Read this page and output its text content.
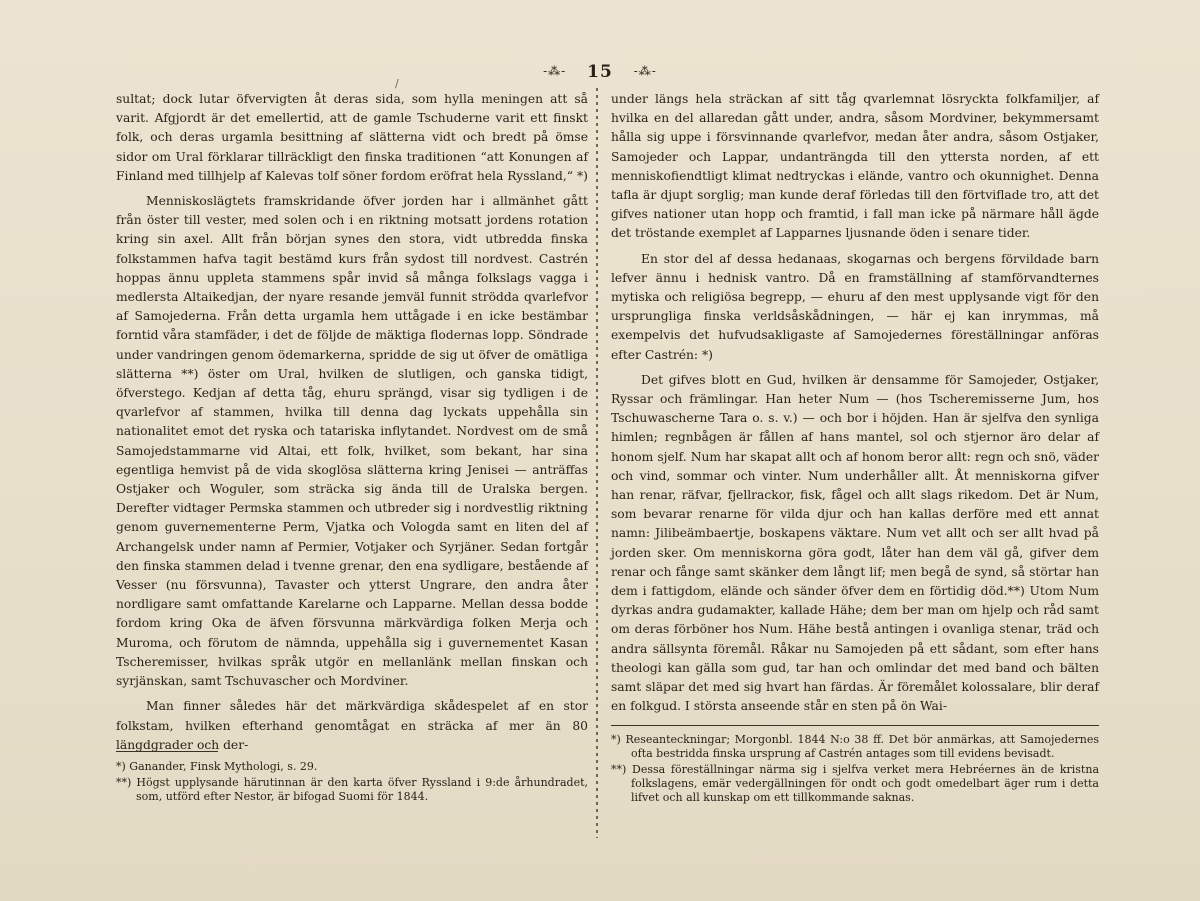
-⁂- 15 -⁂-
/

sultat; dock lutar öfvervigten åt deras sida, som hylla meningen att så varit. Afgjordt är det emellertid, att de gamle Tschuderne varit ett finskt folk, och deras urgamla besittning af slätterna vidt och bredt på ömse sidor om Ural förklarar tillräckligt den finska traditionen “att Konungen af Finland med tillhjelp af Kalevas tolf söner fordom eröfrat hela Ryssland,“ *)

Menniskoslägtets framskridande öfver jorden har i allmänhet gått från öster till vester, med solen och i en riktning motsatt jordens rotation kring sin axel. Allt från början synes den stora, vidt utbredda finska folkstammen hafva tagit bestämd kurs från sydost till nordvest. Castrén hoppas ännu uppleta stammens spår invid så många folkslags vagga i medlersta Altaikedjan, der nyare resande jemväl funnit strödda qvarlefvor af Samojederna. Från detta urgamla hem uttågade i en icke bestämbar forntid våra stamfäder, i det de följde de mäktiga flodernas lopp. Söndrade under vandringen genom ödemarkerna, spridde de sig ut öfver de omätliga slätterna **) öster om Ural, hvilken de slutligen, och ganska tidigt, öfverstego. Kedjan af detta tåg, ehuru sprängd, visar sig tydligen i de qvarlefvor af stammen, hvilka till denna dag lyckats uppehålla sin nationalitet emot det ryska och tatariska inflytandet. Nordvest om de små Samojedstammarne vid Altai, ett folk, hvilket, som bekant, har sina egentliga hemvist på de vida skoglösa slätterna kring Jenisei — anträffas Ostjaker och Woguler, som sträcka sig ända till de Uralska bergen. Derefter vidtager Permska stammen och utbreder sig i nordvestlig riktning genom guvernementerne Perm, Vjatka och Vologda samt en liten del af Archangelsk under namn af Permier, Votjaker och Syrjäner. Sedan fortgår den finska stammen delad i tvenne grenar, den ena sydligare, bestående af Vesser (nu försvunna), Tavaster och ytterst Ungrare, den andra åter nordligare samt omfattande Karelarne och Lapparne. Mellan dessa bodde fordom kring Oka de äfven försvunna märkvärdiga folken Merja och Muroma, och förutom de nämnda, uppehålla sig i guvernementet Kasan Tscheremisser, hvilkas språk utgör en mellanlänk mellan finskan och syrjänskan, samt Tschuvascher och Mordviner.

Man finner således här det märkvärdiga skådespelet af en stor folkstam, hvilken efterhand genomtågat en sträcka af mer än 80 längdgrader och der-

under längs hela sträckan af sitt tåg qvarlemnat lösryckta folkfamiljer, af hvilka en del allaredan gått under, andra, såsom Mordviner, bekymmersamt hålla sig uppe i försvinnande qvarlefvor, medan åter andra, såsom Ostjaker, Samojeder och Lappar, undanträngda till den yttersta norden, af ett menniskofiendtligt klimat nedtryckas i elände, vantro och okunnighet. Denna tafla är djupt sorglig; man kunde deraf förledas till den förtviflade tro, att det gifves nationer utan hopp och framtid, i fall man icke på närmare håll ägde det tröstande exemplet af Lapparnes ljusnande öden i senare tider.

En stor del af dessa hedanaas, skogarnas och bergens förvildade barn lefver ännu i hednisk vantro. Då en framställning af stamförvandternes mytiska och religiösa begrepp, — ehuru af den mest upplysande vigt för den ursprungliga finska verldsåskådningen, — här ej kan inrymmas, må exempelvis det hufvudsakligaste af Samojedernes föreställningar anföras efter Castrén: *)

Det gifves blott en Gud, hvilken är densamme för Samojeder, Ostjaker, Ryssar och främlingar. Han heter Num — (hos Tscheremisserne Jum, hos Tschuwascherne Tara o. s. v.) — och bor i höjden. Han är sjelfva den synliga himlen; regnbågen är fållen af hans mantel, sol och stjernor äro delar af honom sjelf. Num har skapat allt och af honom beror allt: regn och snö, väder och vind, sommar och vinter. Num underhåller allt. Åt menniskorna gifver han renar, räfvar, fjellrackor, fisk, fågel och allt slags rikedom. Det är Num, som bevarar renarne för vilda djur och han kallas derföre med ett annat namn: Jilibeämbaertje, boskapens väktare. Num vet allt och ser allt hvad på jorden sker. Om menniskorna göra godt, låter han dem väl gå, gifver dem renar och fånge samt skänker dem långt lif; men begå de synd, så störtar han dem i fattigdom, elände och sänder öfver dem en förtidig död.**) Utom Num dyrkas andra gudamakter, kallade Hähe; dem ber man om hjelp och råd samt om deras förböner hos Num. Hähe bestå antingen i ovanliga stenar, träd och andra sällsynta föremål. Råkar nu Samojeden på ett sådant, som efter hans theologi kan gälla som gud, tar han och omlindar det med band och bälten samt släpar det med sig hvart han färdas. Är föremålet kolossalare, blir deraf en folkgud. I största anseende står en sten på ön Wai-

*) Ganander, Finsk Mythologi, s. 29.

**) Högst upplysande härutinnan är den karta öfver Ryssland i 9:de århundradet, som, utförd efter Nestor, är bifogad Suomi för 1844.

*) Reseanteckningar; Morgonbl. 1844 N:o 38 ff. Det bör anmärkas, att Samojedernes ofta bestridda finska ursprung af Castrén antages som till evidens bevisadt.

**) Dessa föreställningar närma sig i sjelfva verket mera Hebréernes än de kristna folkslagens, emär vedergällningen för ondt och godt omedelbart äger rum i detta lifvet och all kunskap om ett tillkommande saknas.
